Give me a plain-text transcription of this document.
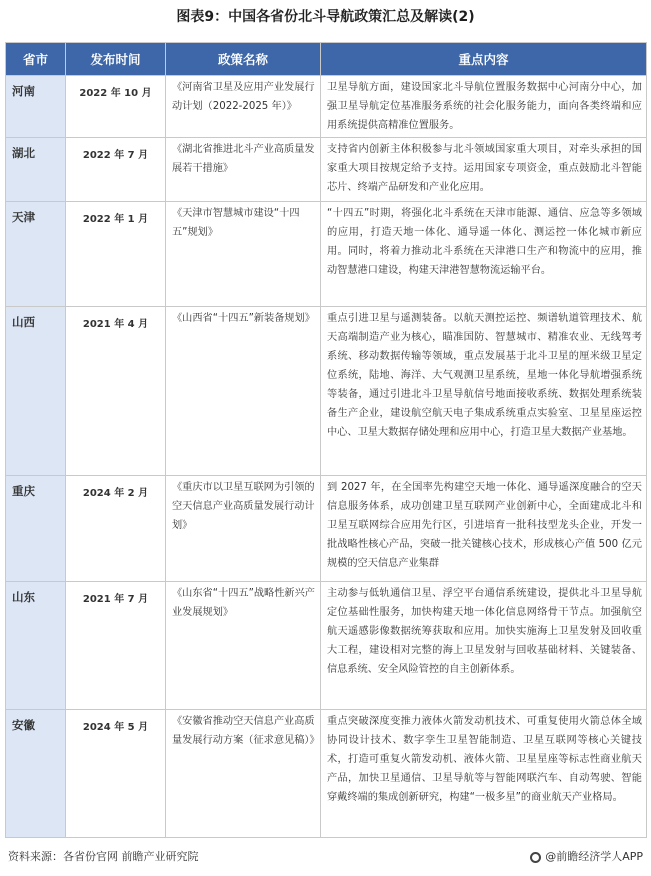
图表9：中国各省份北斗导航政策汇总及解读(2)
省市	发布时间	政策名称	重点内容
河南	2022 年 10 月	《河南省卫星及应用产业发展行动计划（2022-2025 年）》	卫星导航方面，建设国家北斗导航位置服务数据中心河南分中心，加强卫星导航定位基准服务系统的社会化服务能力，面向各类终端和应用系统提供高精准位置服务。
湖北	2022 年 7 月	《湖北省推进北斗产业高质量发展若干措施》	支持省内创新主体积极参与北斗领域国家重大项目，对牵头承担的国家重大项目按规定给予支持。运用国家专项资金，重点鼓励北斗智能芯片、终端产品研发和产业化应用。
天津	2022 年 1 月	《天津市智慧城市建设“十四五”规划》	“十四五”时期，将强化北斗系统在天津市能源、通信、应急等多领域的应用，打造天地一体化、通导遥一体化、测运控一体化城市新应用。同时，将着力推动北斗系统在天津港口生产和物流中的应用，推动智慧港口建设，构建天津港智慧物流运输平台。
山西	2021 年 4 月	《山西省“十四五”新装备规划》	重点引进卫星与遥测装备。以航天测控运控、频谱轨道管理技术、航天高端制造产业为核心，瞄准国防、智慧城市、精准农业、无线驾考系统、移动数据传输等领域，重点发展基于北斗卫星的厘米级卫星定位系统，陆地、海洋、大气观测卫星系统，星地一体化导航增强系统等装备，通过引进北斗卫星导航信号地面接收系统、数据处理系统装备生产企业，建设航空航天电子集成系统重点实验室、卫星星座运控中心、卫星大数据存储处理和应用中心，打造卫星大数据产业基地。
重庆	2024 年 2 月	《重庆市以卫星互联网为引领的空天信息产业高质量发展行动计划》	到 2027 年，在全国率先构建空天地一体化、通导遥深度融合的空天信息服务体系，成功创建卫星互联网产业创新中心，全面建成北斗和卫星互联网综合应用先行区，引进培育一批科技型龙头企业，开发一批战略性核心产品，突破一批关键核心技术，形成核心产值 500 亿元规模的空天信息产业集群
山东	2021 年 7 月	《山东省“十四五”战略性新兴产业发展规划》	主动参与低轨通信卫星、浮空平台通信系统建设，提供北斗卫星导航定位基础性服务，加快构建天地一体化信息网络骨干节点。加强航空航天遥感影像数据统筹获取和应用。加快实施海上卫星发射及回收重大工程，建设相对完整的海上卫星发射与回收基础材料、关键装备、信息系统、安全风险管控的自主创新体系。
安徽	2024 年 5 月	《安徽省推动空天信息产业高质量发展行动方案（征求意见稿）》	重点突破深度变推力液体火箭发动机技术、可重复使用火箭总体全域协同设计技术、数字孪生卫星智能制造、卫星互联网等核心关键技术，打造可重复火箭发动机、液体火箭、卫星星座等标志性商业航天产品，加快卫星通信、卫星导航等与智能网联汽车、自动驾驶、智能穿戴终端的集成创新研究，构建“一极多星”的商业航天产业格局。
资料来源：各省份官网 前瞻产业研究院	@前瞻经济学人APP
